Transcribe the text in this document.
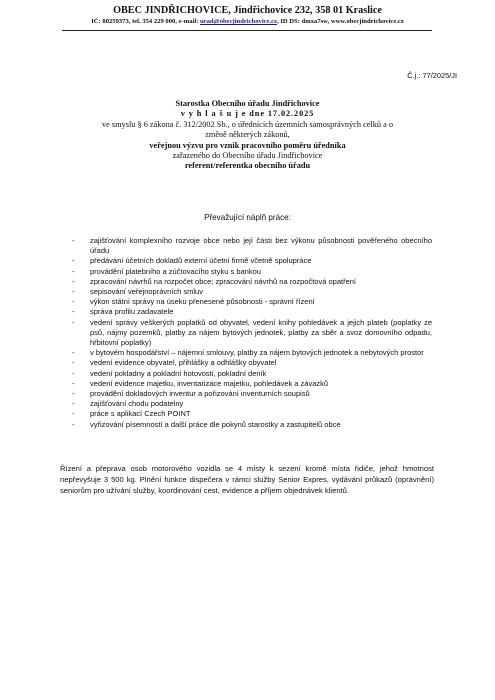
OBEC JINDŘICHOVICE, Jindřichovice 232, 358 01 Kraslice
IČ: 00259373, tel. 354 229 000, e-mail: urad@obecjindrichovice.cz, ID DS: dmxa7sw, www.obecjindrichovice.cz
Č.j.: 77/2025/JI
Starostka Obecního úřadu Jindřichovice
v y h l a š u j e dne 17.02.2025
ve smyslu § 6 zákona č. 312/2002 Sb., o úřednících územních samosprávných celků a o
změně některých zákonů,
veřejnou výzvu pro vznik pracovního poměru úředníka
zařazeného do Obecního úřadu Jindřichovice
referent/referentka obecního úřadu
Převažující náplň práce:
- zajišťování komplexního rozvoje obce nebo její části bez výkonu působnosti pověřeného obecního úřadu
- předávání účetních dokladů externí účetní firmě včetně spolupráce
- provádění platebního a zúčtovacího styku s bankou
- zpracování návrhů na rozpočet obce; zpracování návrhů na rozpočtová opatření
- sepisování veřejnoprávních smluv
- výkon státní správy na úseku přenesené působnosti - správní řízení
- správa profilu zadavatele
- vedení správy veškerých poplatků od obyvatel, vedení knihy pohledávek a jejich plateb (poplatky ze psů, nájmy pozemků, platby za nájem bytových jednotek, platby za sběr a svoz domovního odpadu, hřbitovní poplatky)
- v bytovém hospodářství – nájemní smlouvy, platby za nájem bytových jednotek a nebytových prostor
- vedení evidence obyvatel, přihlášky a odhlášky obyvatel
- vedení pokladny a pokladní hotovosti, pokladní deník
- vedení evidence majetku, inventarizace majetku, pohledávek a závazků
- provádění dokladových inventur a pořizování inventurních soupisů
- zajišťování chodu podatelny
- práce s aplikací Czech POINT
- vyřizování písemností a další práce dle pokynů starostky a zastupitelů obce
Řízení a přeprava osob motorového vozidla se 4 místy k sezení kromě místa řidiče, jehož hmotnost nepřevyšuje 3 500 kg. Plnění funkce dispečera v rámci služby Senior Expres, vydávání průkazů (oprávnění) seniorům pro užívání služby, koordinování cest, evidence a příjem objednávek klientů.
